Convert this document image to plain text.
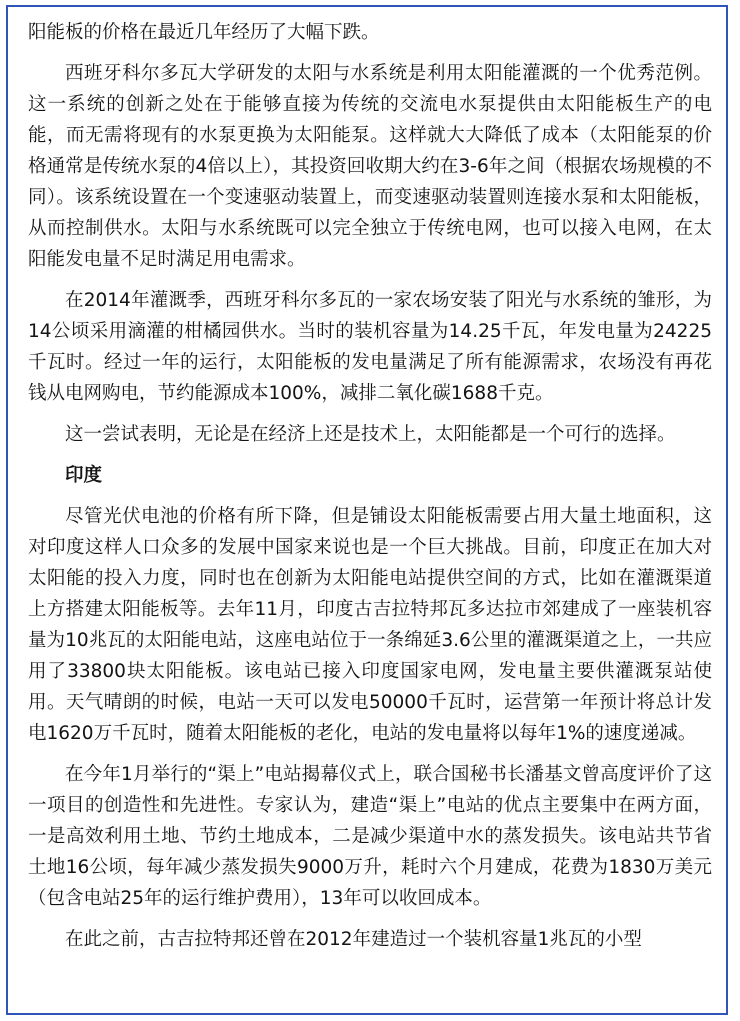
阳能板的价格在最近几年经历了大幅下跌。

西班牙科尔多瓦大学研发的太阳与水系统是利用太阳能灌溉的一个优秀范例。这一系统的创新之处在于能够直接为传统的交流电水泵提供由太阳能板生产的电能，而无需将现有的水泵更换为太阳能泵。这样就大大降低了成本（太阳能泵的价格通常是传统水泵的4倍以上），其投资回收期大约在3-6年之间（根据农场规模的不同）。该系统设置在一个变速驱动装置上，而变速驱动装置则连接水泵和太阳能板，从而控制供水。太阳与水系统既可以完全独立于传统电网，也可以接入电网，在太阳能发电量不足时满足用电需求。

在2014年灌溉季，西班牙科尔多瓦的一家农场安装了阳光与水系统的雏形，为14公顷采用滴灌的柑橘园供水。当时的装机容量为14.25千瓦，年发电量为24225千瓦时。经过一年的运行，太阳能板的发电量满足了所有能源需求，农场没有再花钱从电网购电，节约能源成本100%，减排二氧化碳1688千克。

这一尝试表明，无论是在经济上还是技术上，太阳能都是一个可行的选择。

印度

尽管光伏电池的价格有所下降，但是铺设太阳能板需要占用大量土地面积，这对印度这样人口众多的发展中国家来说也是一个巨大挑战。目前，印度正在加大对太阳能的投入力度，同时也在创新为太阳能电站提供空间的方式，比如在灌溉渠道上方搭建太阳能板等。去年11月，印度古吉拉特邦瓦多达拉市郊建成了一座装机容量为10兆瓦的太阳能电站，这座电站位于一条绵延3.6公里的灌溉渠道之上，一共应用了33800块太阳能板。该电站已接入印度国家电网，发电量主要供灌溉泵站使用。天气晴朗的时候，电站一天可以发电50000千瓦时，运营第一年预计将总计发电1620万千瓦时，随着太阳能板的老化，电站的发电量将以每年1%的速度递减。

在今年1月举行的“渠上”电站揭幕仪式上，联合国秘书长潘基文曾高度评价了这一项目的创造性和先进性。专家认为，建造“渠上”电站的优点主要集中在两方面，一是高效利用土地、节约土地成本，二是减少渠道中水的蒸发损失。该电站共节省土地16公顷，每年减少蒸发损失9000万升，耗时六个月建成，花费为1830万美元（包含电站25年的运行维护费用），13年可以收回成本。

在此之前，古吉拉特邦还曾在2012年建造过一个装机容量1兆瓦的小型
